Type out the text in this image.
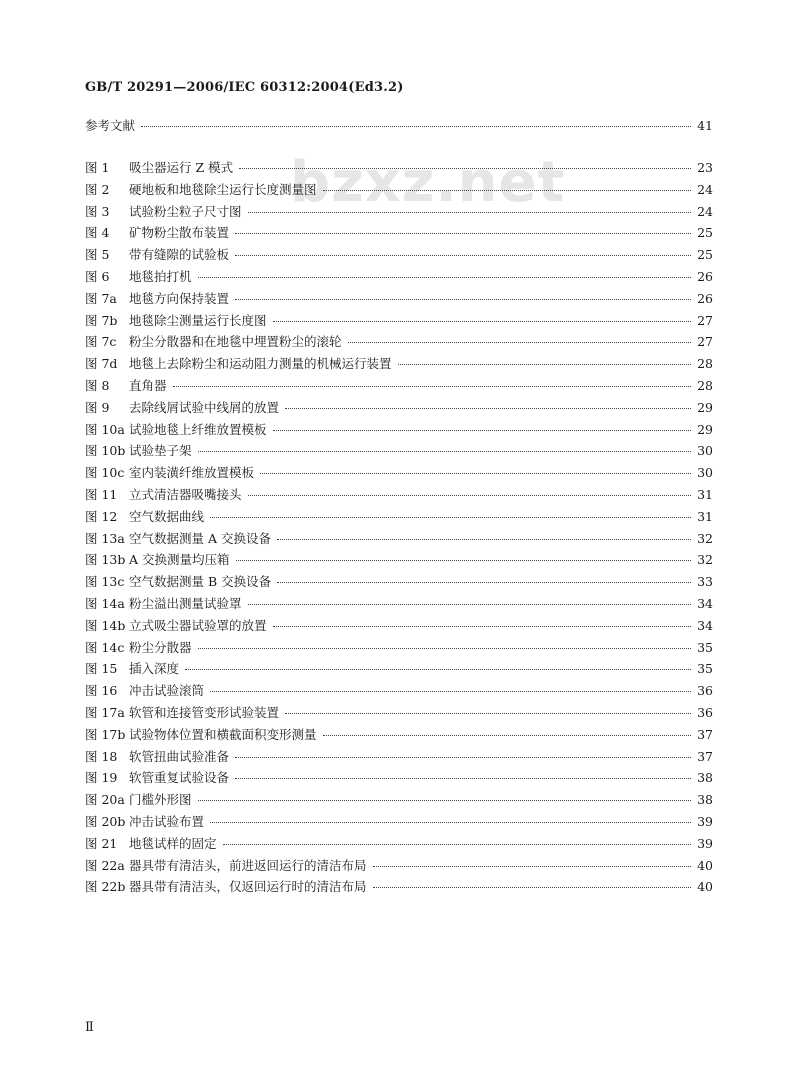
GB/T 20291—2006/IEC 60312:2004(Ed3.2)
bzxz.net
参考文献	41
图 1	吸尘器运行 Z 模式	23
图 2	硬地板和地毯除尘运行长度测量图	24
图 3	试验粉尘粒子尺寸图	24
图 4	矿物粉尘散布装置	25
图 5	带有缝隙的试验板	25
图 6	地毯拍打机	26
图 7a 地毯方向保持装置	26
图 7b 地毯除尘测量运行长度图	27
图 7c	粉尘分散器和在地毯中埋置粉尘的滚轮	27
图 7d 地毯上去除粉尘和运动阻力测量的机械运行装置	28
图 8	直角器	28
图 9	去除线屑试验中线屑的放置	29
图 10a 试验地毯上纤维放置模板	29
图 10b 试验垫子架	30
图 10c 室内装潢纤维放置模板	30
图 11 立式清洁器吸嘴接头	31
图 12 空气数据曲线	31
图 13a 空气数据测量 A 交换设备	32
图 13b A 交换测量均压箱	32
图 13c 空气数据测量 B 交换设备	33
图 14a 粉尘溢出测量试验罩	34
图 14b 立式吸尘器试验罩的放置	34
图 14c 粉尘分散器	35
图 15 插入深度	35
图 16 冲击试验滚筒	36
图 17a 软管和连接管变形试验装置	36
图 17b 试验物体位置和横截面积变形测量	37
图 18 软管扭曲试验准备	37
图 19 软管重复试验设备	38
图 20a 门槛外形图	38
图 20b 冲击试验布置	39
图 21 地毯试样的固定	39
图 22a 器具带有清洁头，前进返回运行的清洁布局	40
图 22b 器具带有清洁头，仅返回运行时的清洁布局	40
Ⅱ
